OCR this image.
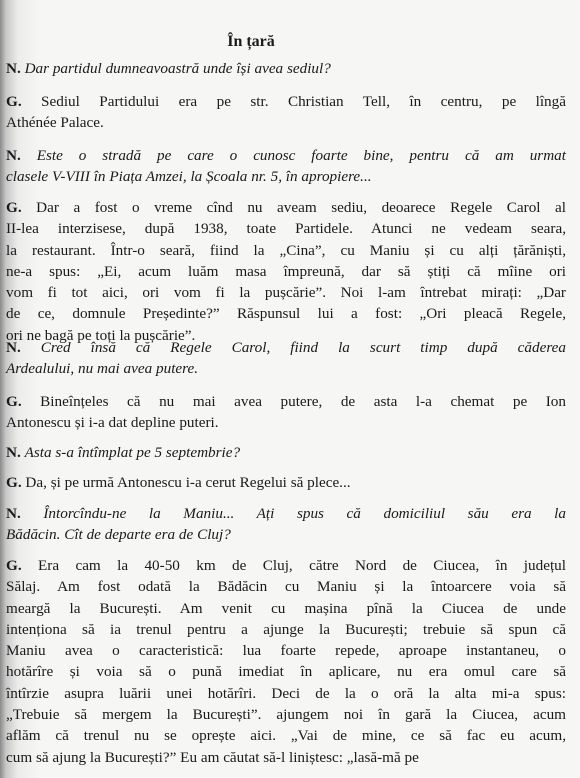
În țară
N. Dar partidul dumneavoastră unde își avea sediul?
G. Sediul Partidului era pe str. Christian Tell, în centru, pe lîngă
Athénée Palace.
N. Este o stradă pe care o cunosc foarte bine, pentru că am urmat
clasele V-VIII în Piața Amzei, la Școala nr. 5, în apropiere...
G. Dar a fost o vreme cînd nu aveam sediu, deoarece Regele Carol al
II-lea interzisese, după 1938, toate Partidele. Atunci ne vedeam seara,
la restaurant. Într-o seară, fiind la „Cina”, cu Maniu și cu alți țărăniști,
ne-a spus: „Ei, acum luăm masa împreună, dar să știți că mîine ori
vom fi tot aici, ori vom fi la pușcărie”. Noi l-am întrebat mirați: „Dar
de ce, domnule Președinte?” Răspunsul lui a fost: „Ori pleacă Regele,
ori ne bagă pe toți la pușcărie”.
N. Cred însă că Regele Carol, fiind la scurt timp după căderea
Ardealului, nu mai avea putere.
G. Bineînțeles că nu mai avea putere, de asta l-a chemat pe Ion
Antonescu și i-a dat depline puteri.
N. Asta s-a întîmplat pe 5 septembrie?
G. Da, și pe urmă Antonescu i-a cerut Regelui să plece...
N. Întorcîndu-ne la Maniu... Ați spus că domiciliul său era la
Bădăcin. Cît de departe era de Cluj?
G. Era cam la 40-50 km de Cluj, către Nord de Ciucea, în județul
Sălaj. Am fost odată la Bădăcin cu Maniu și la întoarcere voia să
meargă la București. Am venit cu mașina pînă la Ciucea de unde
intenționa să ia trenul pentru a ajunge la București; trebuie să spun că
Maniu avea o caracteristică: lua foarte repede, aproape instantaneu, o
hotărîre și voia să o pună imediat în aplicare, nu era omul care să
întîrzie asupra luării unei hotărîri. Deci de la o oră la alta mi-a spus:
„Trebuie să mergem la București”. ajungem noi în gară la Ciucea, acum
aflăm că trenul nu se oprește aici. „Vai de mine, ce să fac eu acum,
cum să ajung la București?” Eu am căutat să-l liniștesc: „lasă-mă pe
